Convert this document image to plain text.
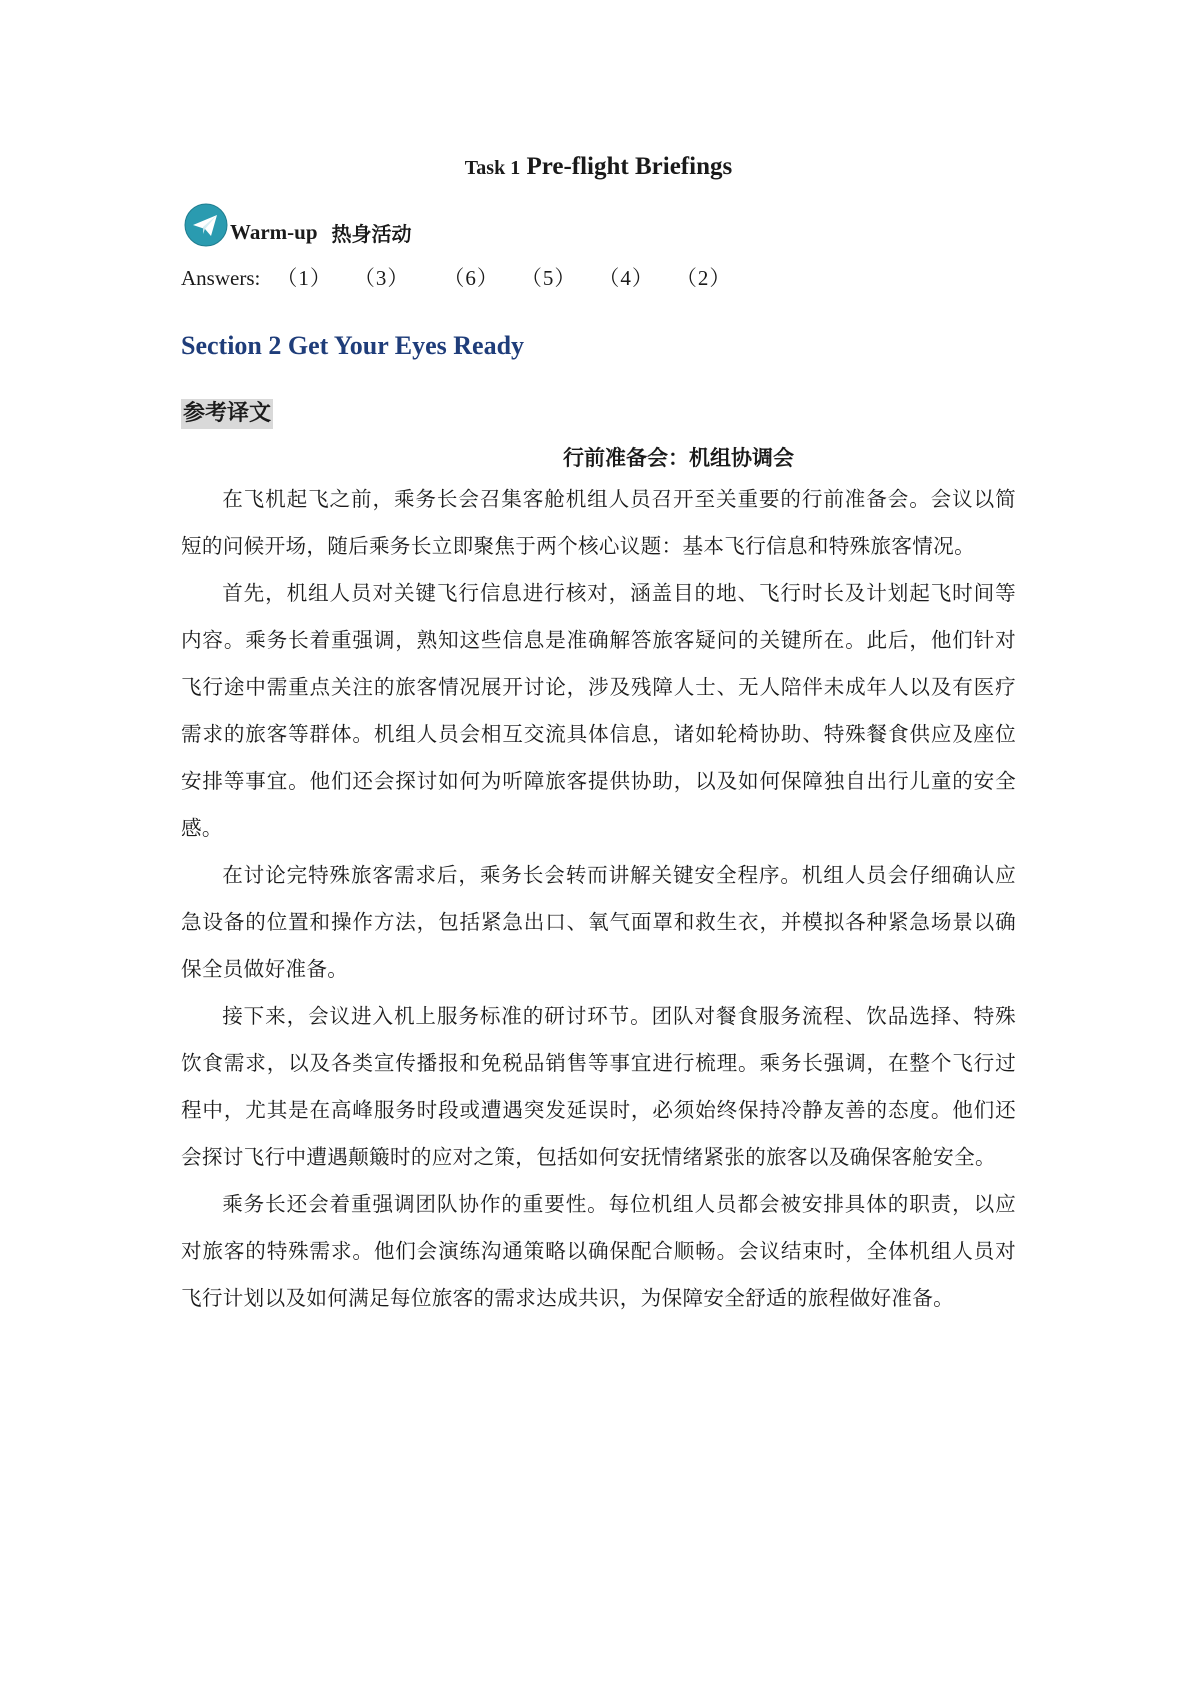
Task 1 Pre-flight Briefings
Warm-up 热身活动
Answers: （1） （3） （6） （5） （4） （2）
Section 2 Get Your Eyes Ready
参考译文
行前准备会：机组协调会

在飞机起飞之前，乘务长会召集客舱机组人员召开至关重要的行前准备会。会议以简短的问候开场，随后乘务长立即聚焦于两个核心议题：基本飞行信息和特殊旅客情况。

首先，机组人员对关键飞行信息进行核对，涵盖目的地、飞行时长及计划起飞时间等内容。乘务长着重强调，熟知这些信息是准确解答旅客疑问的关键所在。此后，他们针对飞行途中需重点关注的旅客情况展开讨论，涉及残障人士、无人陪伴未成年人以及有医疗需求的旅客等群体。机组人员会相互交流具体信息，诸如轮椅协助、特殊餐食供应及座位安排等事宜。他们还会探讨如何为听障旅客提供协助，以及如何保障独自出行儿童的安全感。

在讨论完特殊旅客需求后，乘务长会转而讲解关键安全程序。机组人员会仔细确认应急设备的位置和操作方法，包括紧急出口、氧气面罩和救生衣，并模拟各种紧急场景以确保全员做好准备。

接下来，会议进入机上服务标准的研讨环节。团队对餐食服务流程、饮品选择、特殊饮食需求，以及各类宣传播报和免税品销售等事宜进行梳理。乘务长强调，在整个飞行过程中，尤其是在高峰服务时段或遭遇突发延误时，必须始终保持冷静友善的态度。他们还会探讨飞行中遭遇颠簸时的应对之策，包括如何安抚情绪紧张的旅客以及确保客舱安全。

乘务长还会着重强调团队协作的重要性。每位机组人员都会被安排具体的职责，以应对旅客的特殊需求。他们会演练沟通策略以确保配合顺畅。会议结束时，全体机组人员对飞行计划以及如何满足每位旅客的需求达成共识，为保障安全舒适的旅程做好准备。
